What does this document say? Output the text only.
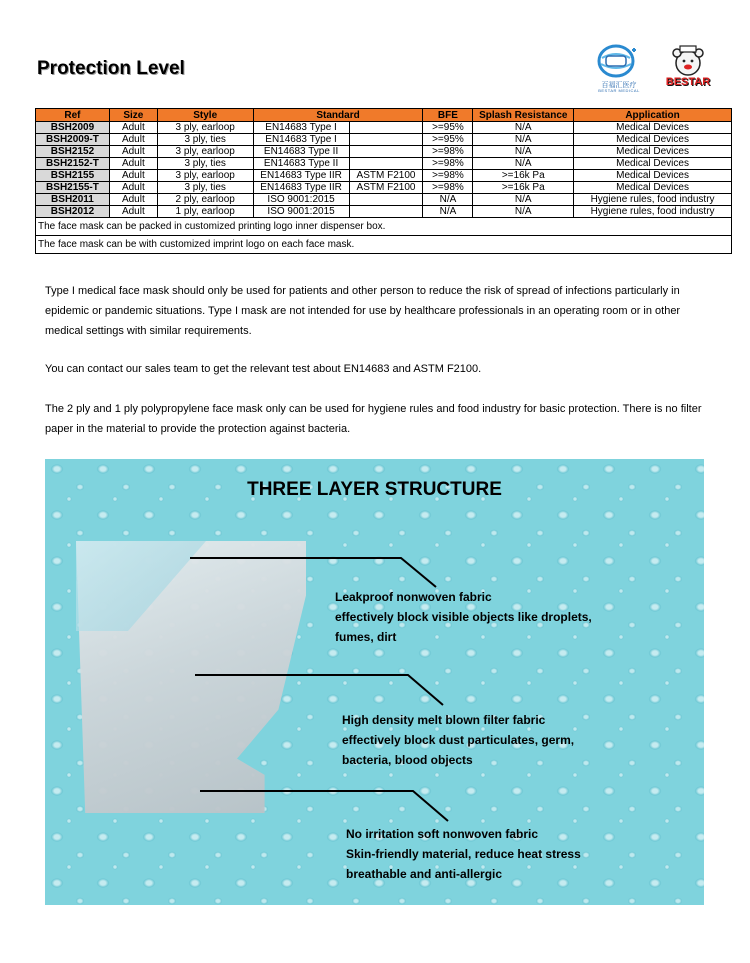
Protection Level
百福汇医疗
BESTAR MEDICAL
BESTAR
Ref	Size	Style	Standard		BFE	Splash Resistance	Application
BSH2009	Adult	3 ply, earloop	EN14683 Type I		>=95%	N/A	Medical Devices
BSH2009-T	Adult	3 ply, ties	EN14683 Type I		>=95%	N/A	Medical Devices
BSH2152	Adult	3 ply, earloop	EN14683 Type II		>=98%	N/A	Medical Devices
BSH2152-T	Adult	3 ply, ties	EN14683 Type II		>=98%	N/A	Medical Devices
BSH2155	Adult	3 ply, earloop	EN14683 Type IIR	ASTM F2100	>=98%	>=16k Pa	Medical Devices
BSH2155-T	Adult	3 ply, ties	EN14683 Type IIR	ASTM F2100	>=98%	>=16k Pa	Medical Devices
BSH2011	Adult	2 ply, earloop	ISO 9001:2015		N/A	N/A	Hygiene rules, food industry
BSH2012	Adult	1 ply, earloop	ISO 9001:2015		N/A	N/A	Hygiene rules, food industry
The face mask can be packed in customized printing logo inner dispenser box.							
The face mask can be with customized imprint logo on each face mask.							
Type I medical face mask should only be used for patients and other person to reduce the risk of spread of infections particularly in epidemic or pandemic situations. Type I mask are not intended for use by healthcare professionals in an operating room or in other medical settings with similar requirements.
You can contact our sales team to get the relevant test about EN14683 and ASTM F2100.
The 2 ply and 1 ply polypropylene face mask only can be used for hygiene rules and food industry for basic protection. There is no filter paper in the material to provide the protection against bacteria.
THREE LAYER STRUCTURE
Leakproof nonwoven fabric
effectively block visible objects like droplets,
fumes, dirt
High density melt blown filter fabric
effectively block dust particulates, germ,
bacteria, blood objects
No irritation soft nonwoven fabric
Skin-friendly material, reduce heat stress
breathable and anti-allergic
